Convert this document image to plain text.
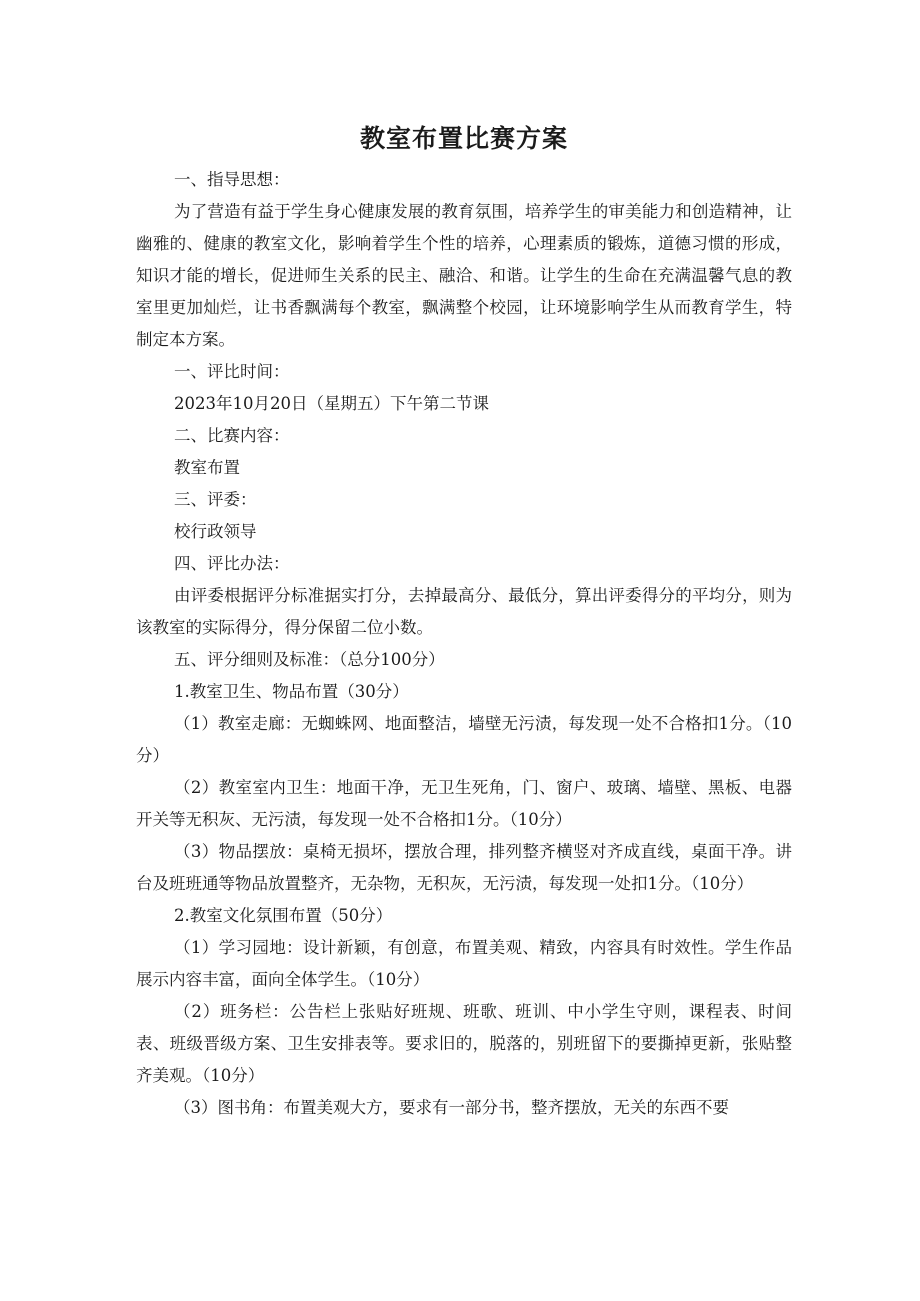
教室布置比赛方案

一、指导思想：

为了营造有益于学生身心健康发展的教育氛围，培养学生的审美能力和创造精神，让幽雅的、健康的教室文化，影响着学生个性的培养，心理素质的锻炼，道德习惯的形成，知识才能的增长，促进师生关系的民主、融洽、和谐。让学生的生命在充满温馨气息的教室里更加灿烂，让书香飘满每个教室，飘满整个校园，让环境影响学生从而教育学生，特制定本方案。

一、评比时间：

2023年10月20日（星期五）下午第二节课

二、比赛内容：

教室布置

三、评委：

校行政领导

四、评比办法：

由评委根据评分标准据实打分，去掉最高分、最低分，算出评委得分的平均分，则为该教室的实际得分，得分保留二位小数。

五、评分细则及标准：（总分100分）

1.教室卫生、物品布置（30分）

（1）教室走廊：无蜘蛛网、地面整洁，墙壁无污渍，每发现一处不合格扣1分。（10分）

（2）教室室内卫生：地面干净，无卫生死角，门、窗户、玻璃、墙壁、黑板、电器开关等无积灰、无污渍，每发现一处不合格扣1分。（10分）

（3）物品摆放：桌椅无损坏，摆放合理，排列整齐横竖对齐成直线，桌面干净。讲台及班班通等物品放置整齐，无杂物，无积灰，无污渍，每发现一处扣1分。（10分）

2.教室文化氛围布置（50分）

（1）学习园地：设计新颖，有创意，布置美观、精致，内容具有时效性。学生作品展示内容丰富，面向全体学生。（10分）

（2）班务栏：公告栏上张贴好班规、班歌、班训、中小学生守则，课程表、时间表、班级晋级方案、卫生安排表等。要求旧的，脱落的，别班留下的要撕掉更新，张贴整齐美观。（10分）

（3）图书角：布置美观大方，要求有一部分书，整齐摆放，无关的东西不要
